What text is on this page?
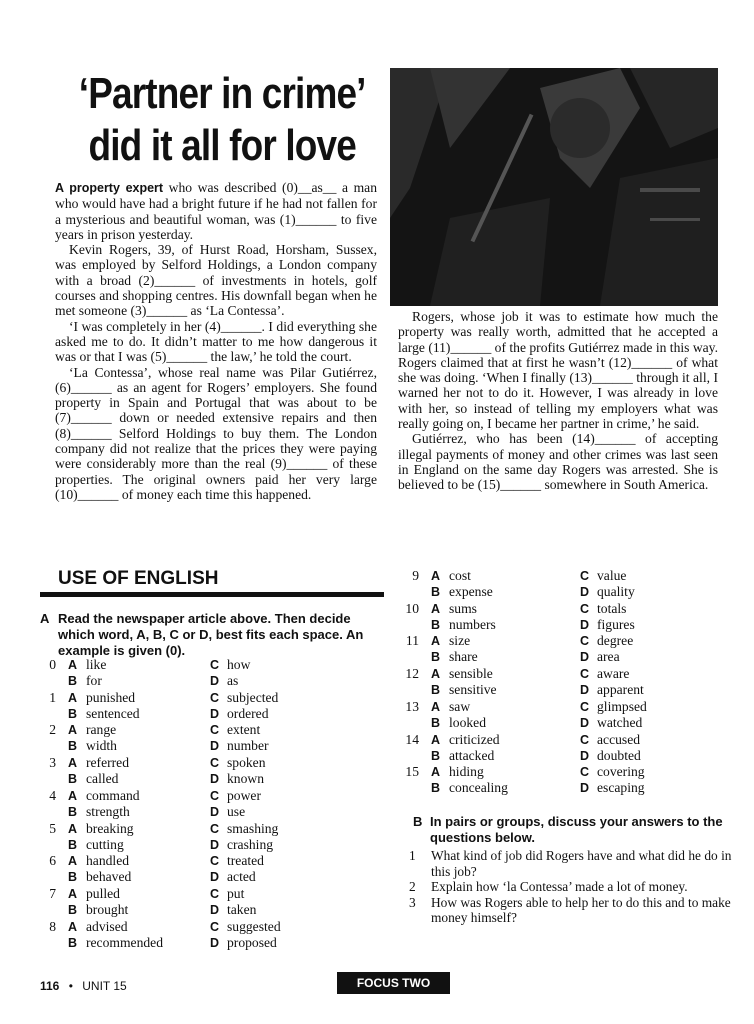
‘Partner in crime’
did it all for love

A property expert who was described (0)__as__ a man who would have had a bright future if he had not fallen for a mysterious and beautiful woman, was (1)______ to five years in prison yesterday.

Kevin Rogers, 39, of Hurst Road, Horsham, Sussex, was employed by Selford Holdings, a London company with a broad (2)______ of investments in hotels, golf courses and shopping centres. His downfall began when he met someone (3)______ as ‘La Contessa’.

‘I was completely in her (4)______. I did everything she asked me to do. It didn’t matter to me how dangerous it was or that I was (5)______ the law,’ he told the court.

‘La Contessa’, whose real name was Pilar Gutiérrez, (6)______ as an agent for Rogers’ employers. She found property in Spain and Portugal that was about to be (7)______ down or needed extensive repairs and then (8)______ Selford Holdings to buy them. The London company did not realize that the prices they were paying were considerably more than the real (9)______ of these properties. The original owners paid her very large (10)______ of money each time this happened.

Rogers, whose job it was to estimate how much the property was really worth, admitted that he accepted a large (11)______ of the profits Gutiérrez made in this way. Rogers claimed that at first he wasn’t (12)______ of what she was doing. ‘When I finally (13)______ through it all, I warned her not to do it. However, I was already in love with her, so instead of telling my employers what was really going on, I became her partner in crime,’ he said.

Gutiérrez, who has been (14)______ of accepting illegal payments of money and other crimes was last seen in England on the same day Rogers was arrested. She is believed to be (15)______ somewhere in South America.

USE OF ENGLISH
A Read the newspaper article above. Then decide which word, A, B, C or D, best fits each space. An example is given (0).
0 A like
B for
C how
D as
1 A punished
B sentenced
C subjected
D ordered
2 A range
B width
C extent
D number
3 A referred
B called
C spoken
D known
4 A command
B strength
C power
D use
5 A breaking
B cutting
C smashing
D crashing
6 A handled
B behaved
C treated
D acted
7 A pulled
B brought
C put
D taken
8 A advised
B recommended
C suggested
D proposed
9 A cost
B expense
C value
D quality
10 A sums
B numbers
C totals
D figures
11 A size
B share
C degree
D area
12 A sensible
B sensitive
C aware
D apparent
13 A saw
B looked
C glimpsed
D watched
14 A criticized
B attacked
C accused
D doubted
15 A hiding
B concealing
C covering
D escaping
B In pairs or groups, discuss your answers to the questions below.
1 What kind of job did Rogers have and what did he do in this job?
2 Explain how ‘la Contessa’ made a lot of money.
3 How was Rogers able to help her to do this and to make money himself?
116 • UNIT 15	FOCUS TWO
